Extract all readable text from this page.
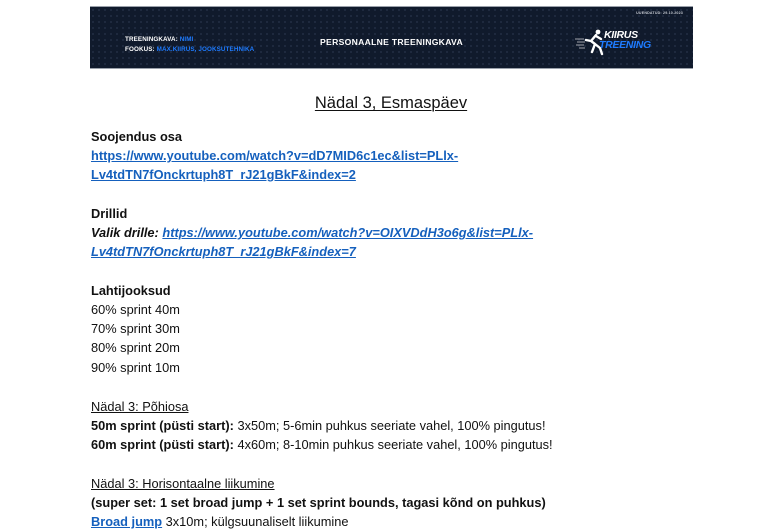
TREENINGKAVA: NIMI
FOOKUS: MAX.KIIRUS, JOOKSUTEHNIKA
PERSONAALNE TREENINGKAVA
UUENDATUD: 29.10.2023
KIIRUS
TREENING
Nädal 3, Esmaspäev
Soojendus osa
https://www.youtube.com/watch?v=dD7MID6c1ec&list=PLlx-
Lv4tdTN7fOnckrtuph8T_rJ21gBkF&index=2
Drillid
Valik drille: https://www.youtube.com/watch?v=OIXVDdH3o6g&list=PLlx-
Lv4tdTN7fOnckrtuph8T_rJ21gBkF&index=7
Lahtijooksud
60% sprint 40m
70% sprint 30m
80% sprint 20m
90% sprint 10m
Nädal 3: Põhiosa
50m sprint (püsti start): 3x50m; 5-6min puhkus seeriate vahel, 100% pingutus!
60m sprint (püsti start): 4x60m; 8-10min puhkus seeriate vahel, 100% pingutus!
Nädal 3: Horisontaalne liikumine
(super set: 1 set broad jump + 1 set sprint bounds, tagasi kõnd on puhkus)
Broad jump 3x10m; külgsuunaliselt liikumine
